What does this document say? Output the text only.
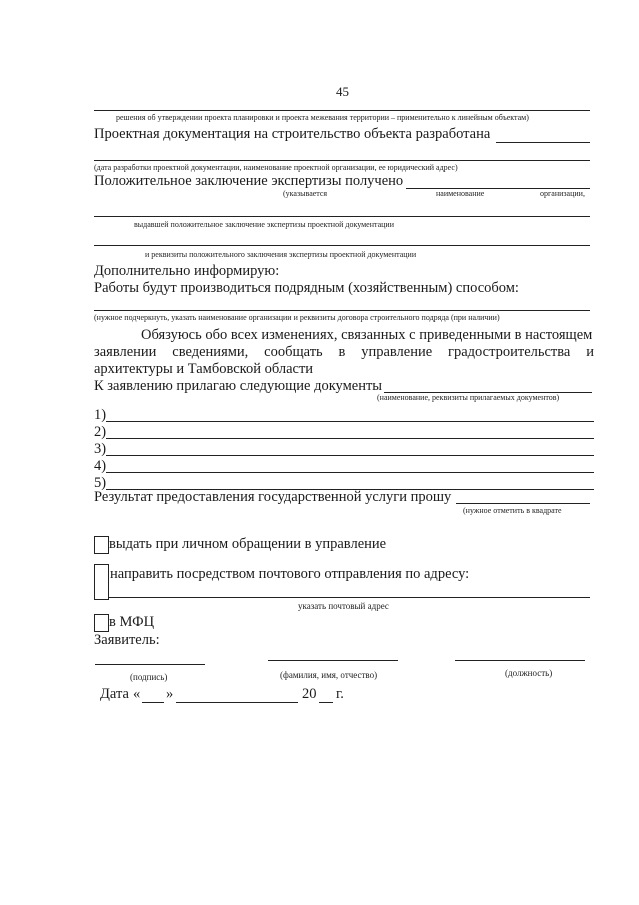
45
решения об утверждении проекта планировки и проекта межевания территории – применительно к линейным объектам)
Проектная документация на строительство объекта разработана
(дата разработки проектной документации, наименование проектной организации, ее юридический адрес)
Положительное заключение экспертизы получено
(указывается	наименование	организации,
выдавшей положительное заключение экспертизы проектной документации
и реквизиты положительного заключения экспертизы проектной документации
Дополнительно информирую:
Работы будут производиться подрядным (хозяйственным) способом:
(нужное подчеркнуть, указать наименование организации и реквизиты договора строительного подряда (при наличии)
Обязуюсь обо всех изменениях, связанных с приведенными в настоящем
заявлении сведениями, сообщать в управление градостроительства и
архитектуры и Тамбовской области
К заявлению прилагаю следующие документы
(наименование, реквизиты прилагаемых документов)
1)
2)
3)
4)
5)
Результат предоставления государственной услуги прошу
(нужное отметить в квадрате
выдать при личном обращении в управление
направить посредством почтового отправления по адресу:
указать почтовый адрес
в МФЦ
Заявитель:
(подпись)	(фамилия, имя, отчество)	(должность)
Дата « »	20 г.
